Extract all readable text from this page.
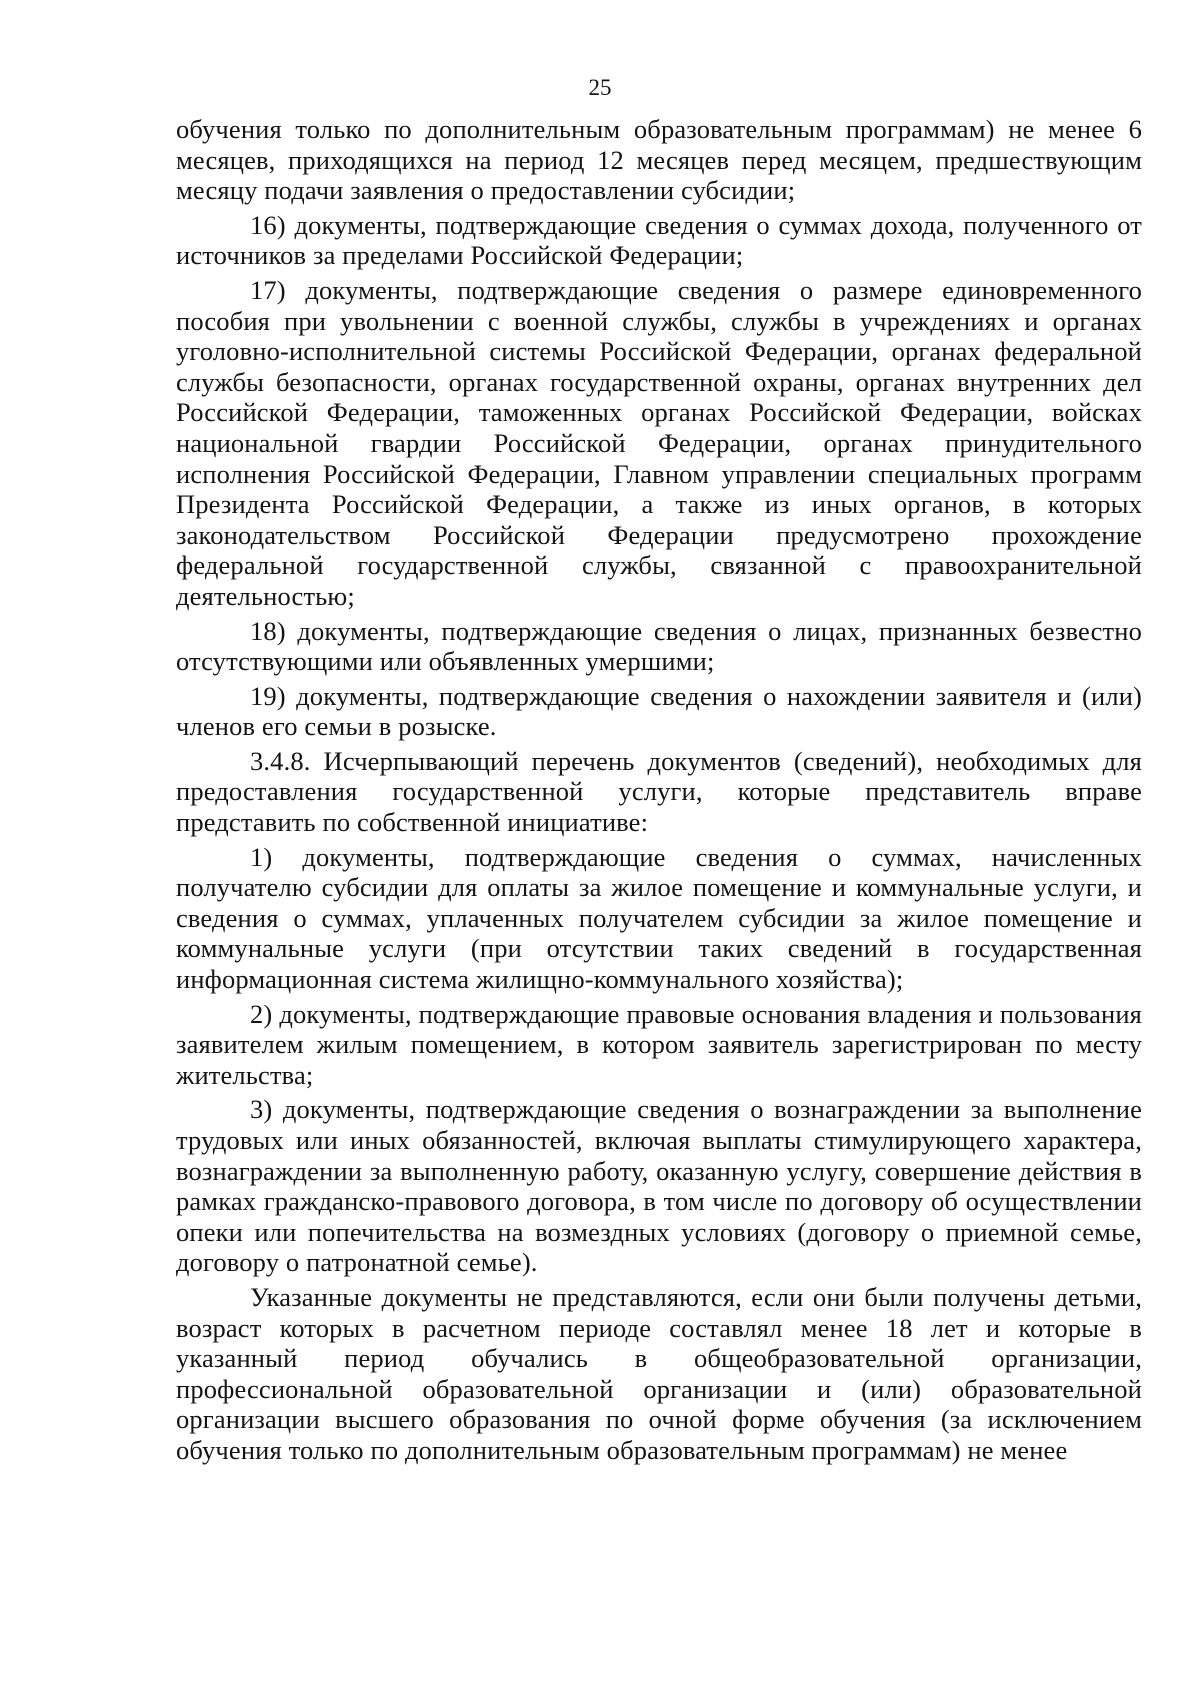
25

обучения только по дополнительным образовательным программам) не менее 6 месяцев, приходящихся на период 12 месяцев перед месяцем, предшествующим месяцу подачи заявления о предоставлении субсидии;

16) документы, подтверждающие сведения о суммах дохода, полученного от источников за пределами Российской Федерации;

17) документы, подтверждающие сведения о размере единовременного пособия при увольнении с военной службы, службы в учреждениях и органах уголовно-исполнительной системы Российской Федерации, органах федеральной службы безопасности, органах государственной охраны, органах внутренних дел Российской Федерации, таможенных органах Российской Федерации, войсках национальной гвардии Российской Федерации, органах принудительного исполнения Российской Федерации, Главном управлении специальных программ Президента Российской Федерации, а также из иных органов, в которых законодательством Российской Федерации предусмотрено прохождение федеральной государственной службы, связанной с правоохранительной деятельностью;

18) документы, подтверждающие сведения о лицах, признанных безвестно отсутствующими или объявленных умершими;

19) документы, подтверждающие сведения о нахождении заявителя и (или) членов его семьи в розыске.

3.4.8. Исчерпывающий перечень документов (сведений), необходимых для предоставления государственной услуги, которые представитель вправе представить по собственной инициативе:

1) документы, подтверждающие сведения о суммах, начисленных получателю субсидии для оплаты за жилое помещение и коммунальные услуги, и сведения о суммах, уплаченных получателем субсидии за жилое помещение и коммунальные услуги (при отсутствии таких сведений в государственная информационная система жилищно-коммунального хозяйства);

2) документы, подтверждающие правовые основания владения и пользования заявителем жилым помещением, в котором заявитель зарегистрирован по месту жительства;

3) документы, подтверждающие сведения о вознаграждении за выполнение трудовых или иных обязанностей, включая выплаты стимулирующего характера, вознаграждении за выполненную работу, оказанную услугу, совершение действия в рамках гражданско-правового договора, в том числе по договору об осуществлении опеки или попечительства на возмездных условиях (договору о приемной семье, договору о патронатной семье).

Указанные документы не представляются, если они были получены детьми, возраст которых в расчетном периоде составлял менее 18 лет и которые в указанный период обучались в общеобразовательной организации, профессиональной образовательной организации и (или) образовательной организации высшего образования по очной форме обучения (за исключением обучения только по дополнительным образовательным программам) не менее
